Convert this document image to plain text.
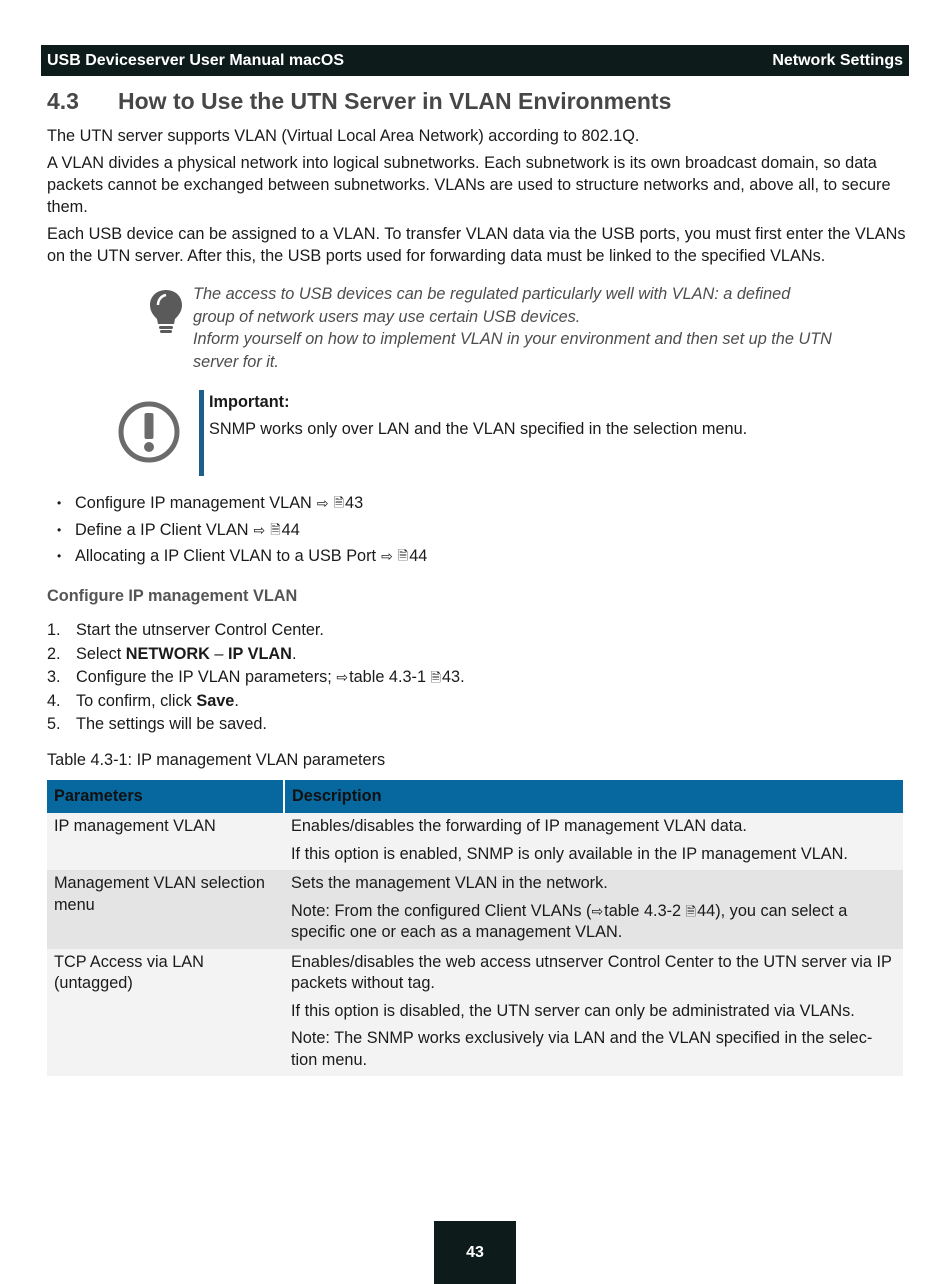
USB Deviceserver User Manual macOS	Network Settings
4.3 How to Use the UTN Server in VLAN Environments

The UTN server supports VLAN (Virtual Local Area Network) according to 802.1Q.

A VLAN divides a physical network into logical subnetworks. Each subnetwork is its own broadcast domain, so data packets cannot be exchanged between subnetworks. VLANs are used to structure networks and, above all, to secure them.

Each USB device can be assigned to a VLAN. To transfer VLAN data via the USB ports, you must first enter the VLANs on the UTN server. After this, the USB ports used for forwarding data must be linked to the specified VLANs.

The access to USB devices can be regulated particularly well with VLAN: a defined group of network users may use certain USB devices.
Inform yourself on how to implement VLAN in your environment and then set up the UTN server for it.

Important:

SNMP works only over LAN and the VLAN specified in the selection menu.

• Configure IP management VLAN ⇨ 🗎 43
• Define a IP Client VLAN ⇨ 🗎 44
• Allocating a IP Client VLAN to a USB Port ⇨ 🗎 44

Configure IP management VLAN

1. Start the utnserver Control Center.
2. Select NETWORK – IP VLAN.
3. Configure the IP VLAN parameters; ⇨table 4.3-1 🗎43.
4. To confirm, click Save.
5. The settings will be saved.

Table 4.3-1: IP management VLAN parameters

Parameters	Description
IP management VLAN	Enables/disables the forwarding of IP management VLAN data.

If this option is enabled, SNMP is only available in the IP management VLAN.

Management VLAN selection menu	Sets the management VLAN in the network.

Note: From the configured Client VLANs (⇨table 4.3-2 🗎44), you can select a specific one or each as a management VLAN.

TCP Access via LAN (untagged)	Enables/disables the web access utnserver Control Center to the UTN server via IP packets without tag.

If this option is disabled, the UTN server can only be administrated via VLANs.

Note: The SNMP works exclusively via LAN and the VLAN specified in the selec-tion menu.

43
